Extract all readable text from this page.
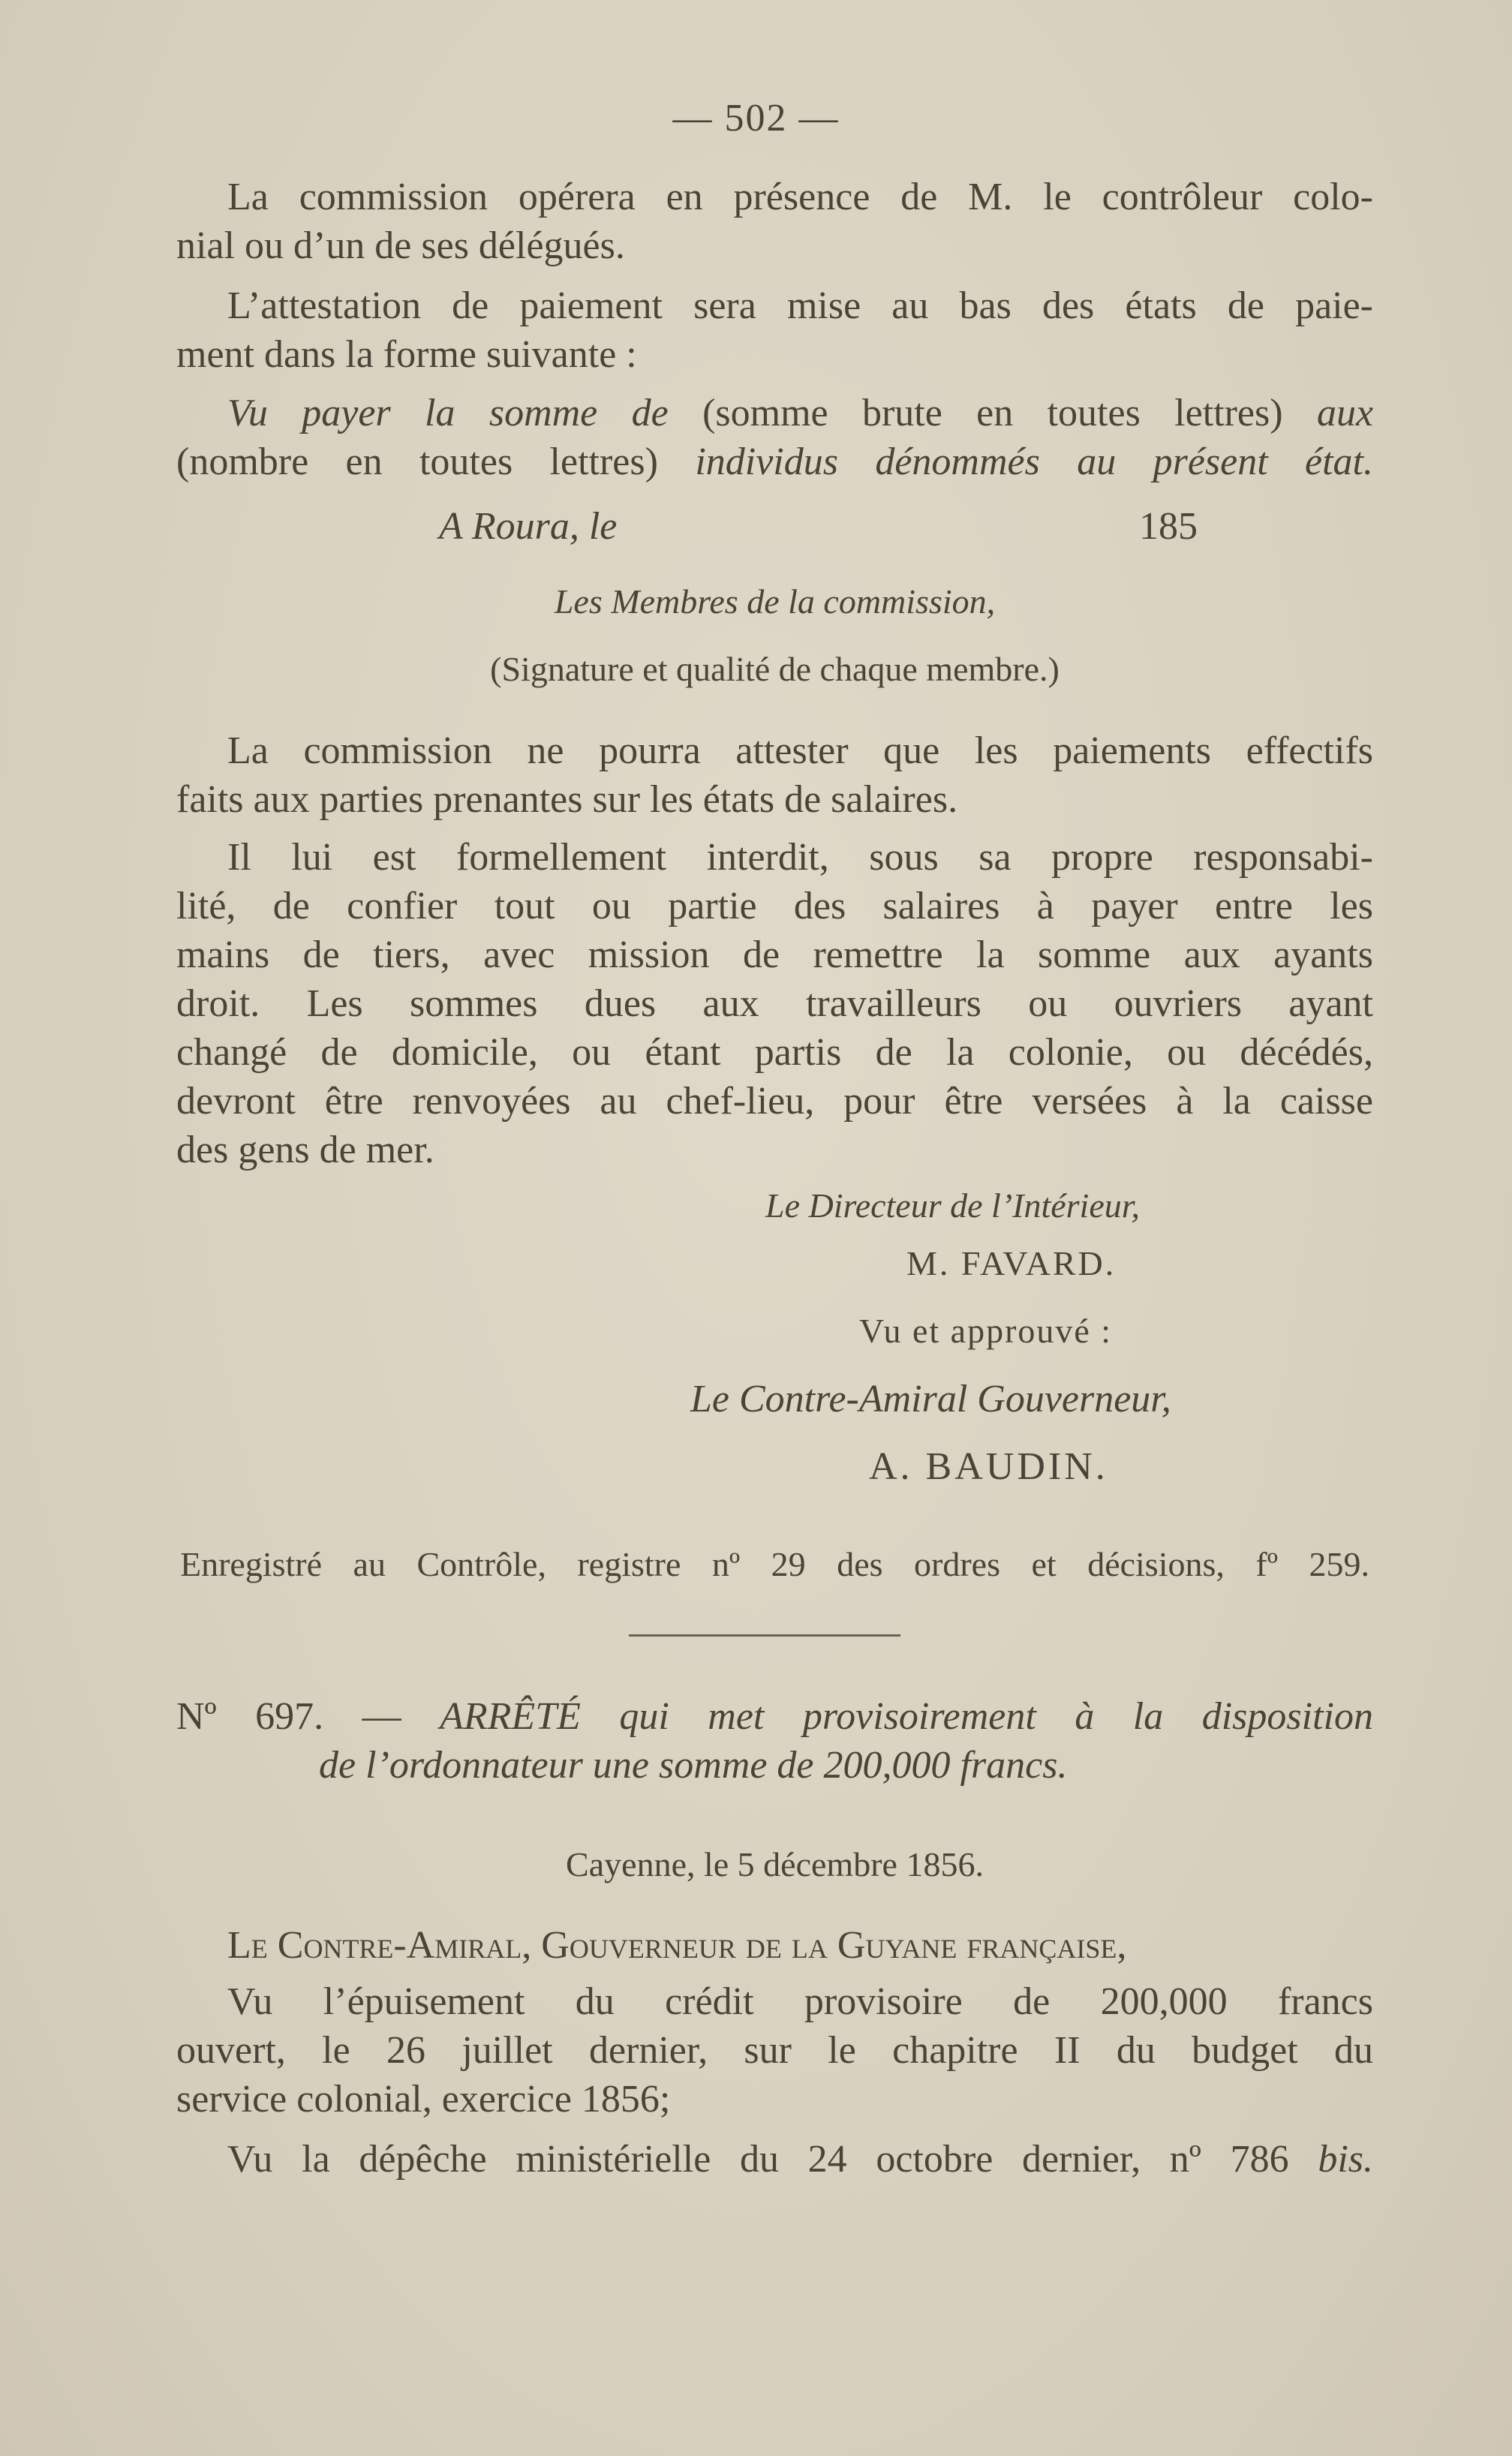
— 502 —

La commission opérera en présence de M. le contrôleur colo-
nial ou d’un de ses délégués.

L’attestation de paiement sera mise au bas des états de paie-
ment dans la forme suivante :

Vu payer la somme de (somme brute en toutes lettres) aux
(nombre en toutes lettres) individus dénommés au présent état.

A Roura, le	185
Les Membres de la commission,
(Signature et qualité de chaque membre.)

La commission ne pourra attester que les paiements effectifs
faits aux parties prenantes sur les états de salaires.

Il lui est formellement interdit, sous sa propre responsabi-
lité, de confier tout ou partie des salaires à payer entre les
mains de tiers, avec mission de remettre la somme aux ayants
droit. Les sommes dues aux travailleurs ou ouvriers ayant
changé de domicile, ou étant partis de la colonie, ou décédés,
devront être renvoyées au chef-lieu, pour être versées à la caisse
des gens de mer.

Le Directeur de l’Intérieur,
M. FAVARD.
Vu et approuvé :
Le Contre-Amiral Gouverneur,
A. BAUDIN.
Enregistré au Contrôle, registre nº 29 des ordres et décisions, fº 259.

Nº 697. — ARRÊTÉ qui met provisoirement à la disposition
de l’ordonnateur une somme de 200,000 francs.

Cayenne, le 5 décembre 1856.

Le Contre-Amiral, Gouverneur de la Guyane française,

Vu l’épuisement du crédit provisoire de 200,000 francs
ouvert, le 26 juillet dernier, sur le chapitre II du budget du
service colonial, exercice 1856;

Vu la dépêche ministérielle du 24 octobre dernier, nº 786 bis.
